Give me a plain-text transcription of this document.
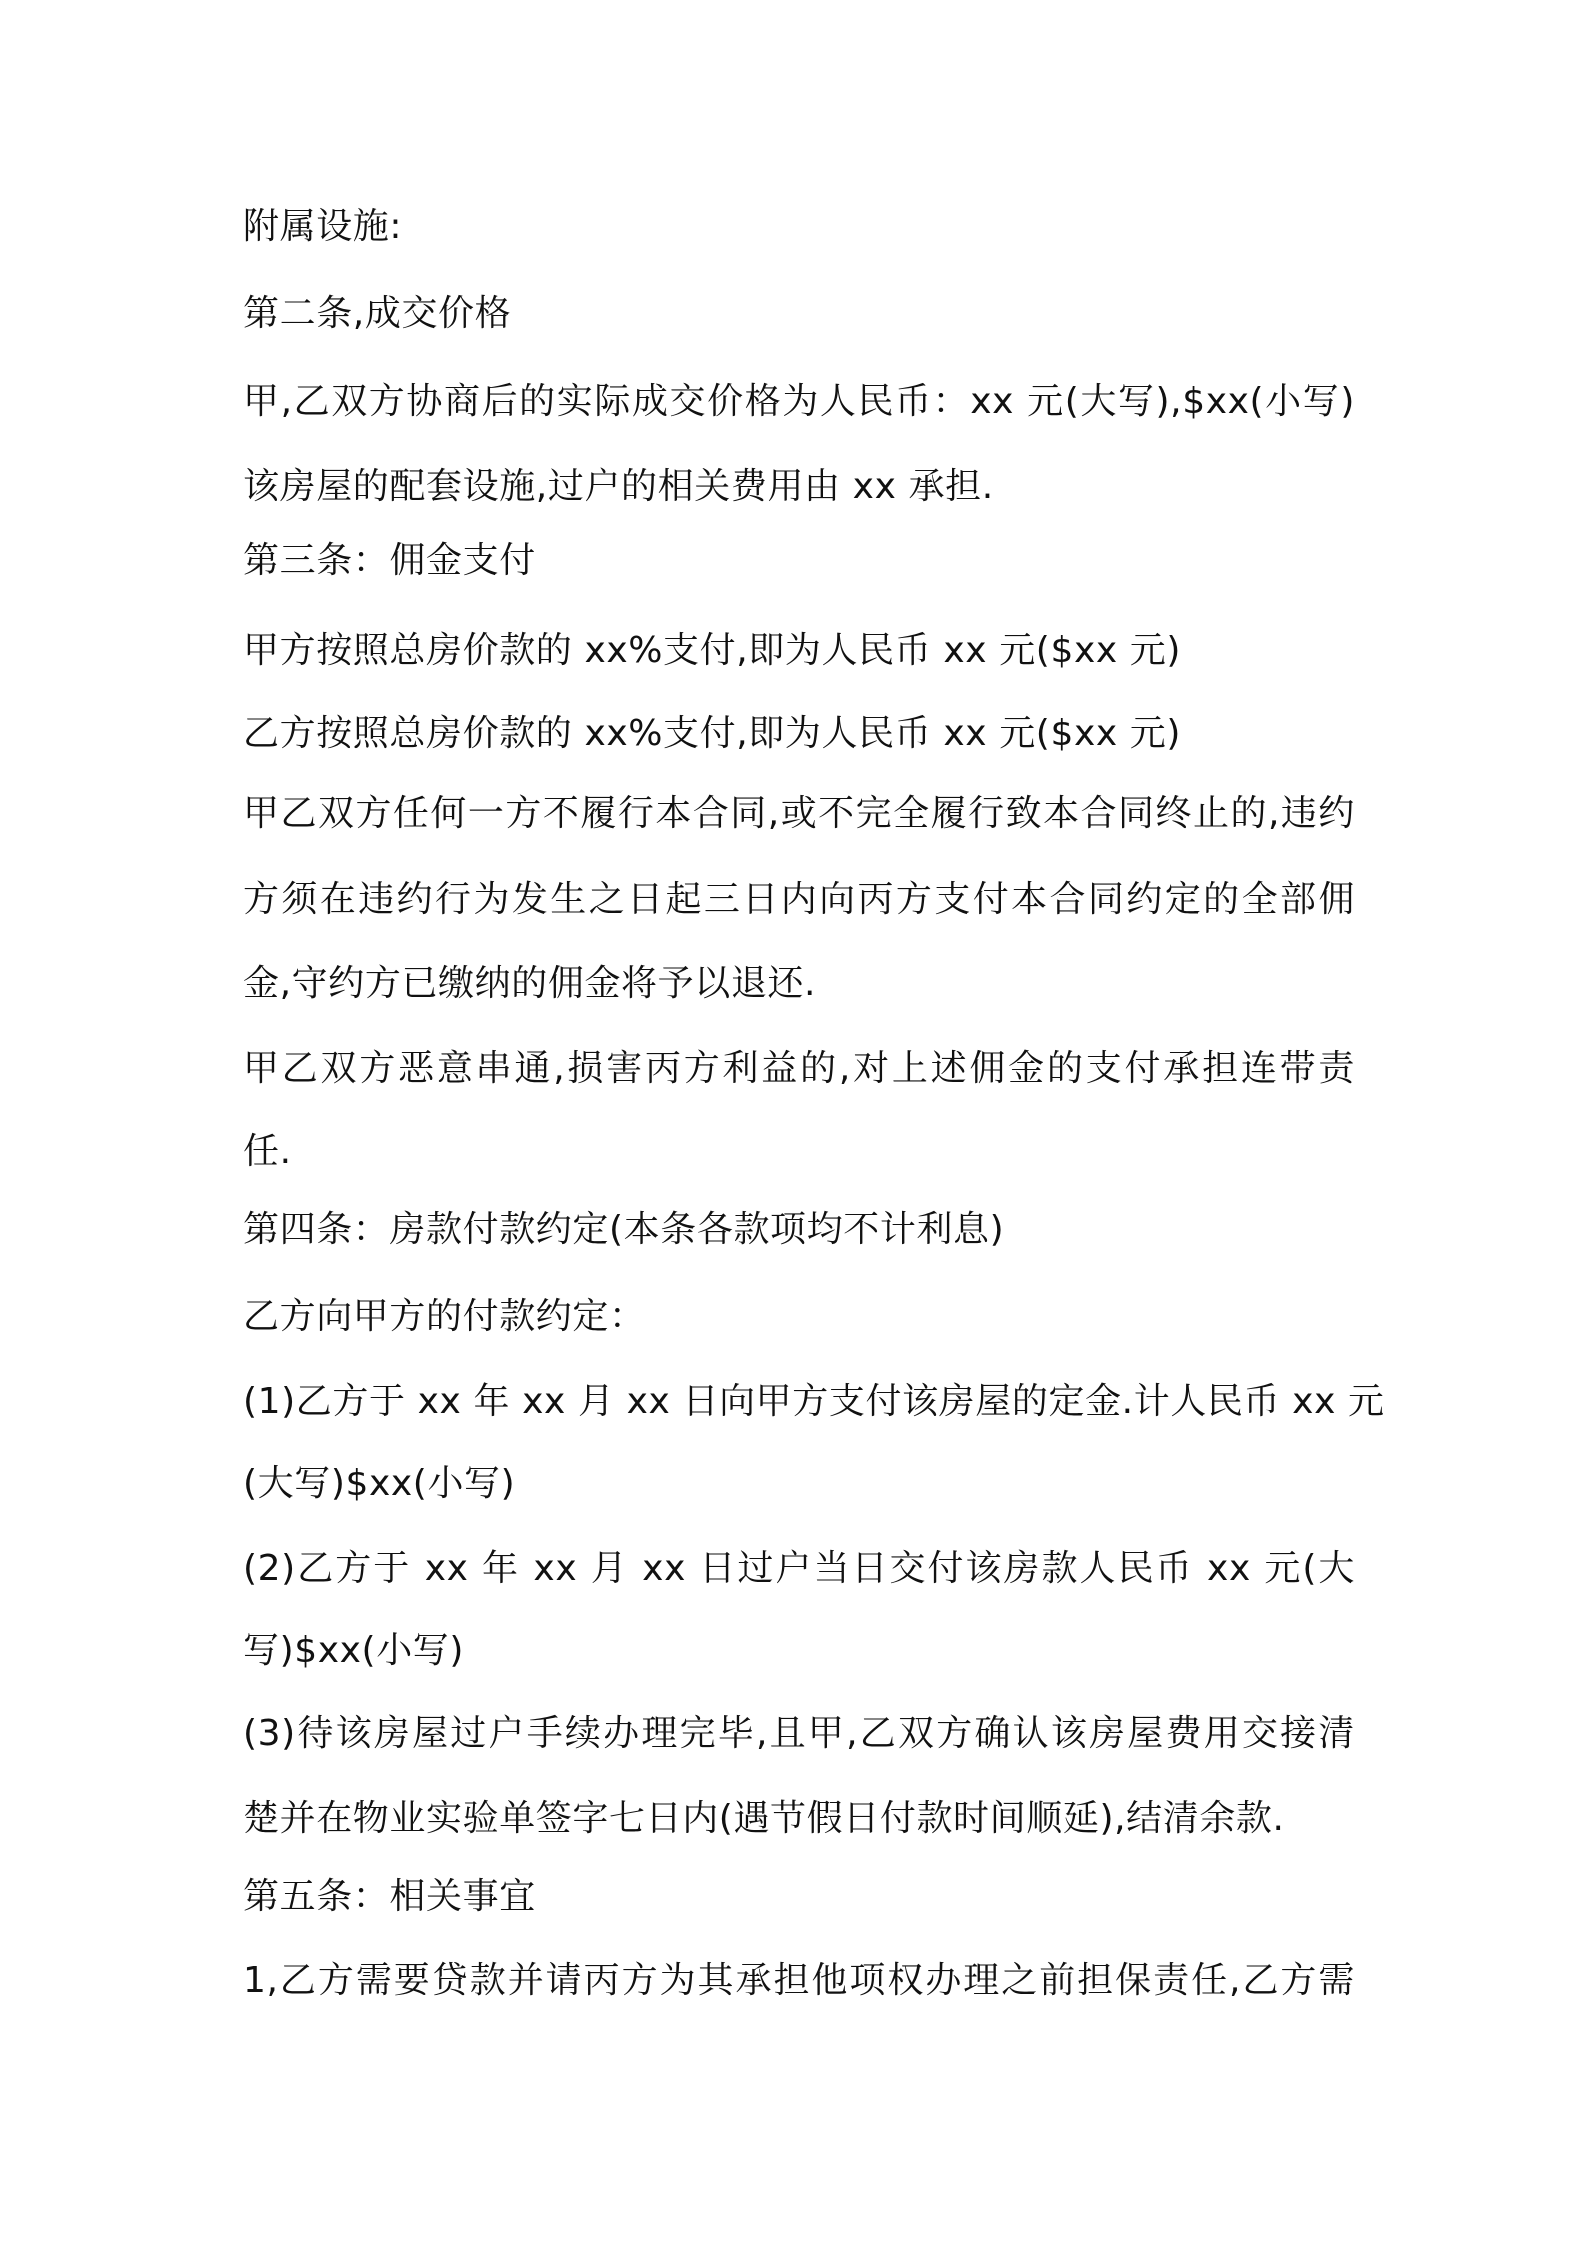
附属设施:
第二条,成交价格
甲,乙双方协商后的实际成交价格为人民币：xx 元(大写),$xx(小写)
该房屋的配套设施,过户的相关费用由 xx 承担.
第三条：佣金支付
甲方按照总房价款的 xx%支付,即为人民币 xx 元($xx 元)
乙方按照总房价款的 xx%支付,即为人民币 xx 元($xx 元)
甲乙双方任何一方不履行本合同,或不完全履行致本合同终止的,违约
方须在违约行为发生之日起三日内向丙方支付本合同约定的全部佣
金,守约方已缴纳的佣金将予以退还.
甲乙双方恶意串通,损害丙方利益的,对上述佣金的支付承担连带责
任.
第四条：房款付款约定(本条各款项均不计利息)
乙方向甲方的付款约定：
(1)乙方于 xx 年 xx 月 xx 日向甲方支付该房屋的定金.计人民币 xx 元
(大写)$xx(小写)
(2)乙方于 xx 年 xx 月 xx 日过户当日交付该房款人民币 xx 元(大
写)$xx(小写)
(3)待该房屋过户手续办理完毕,且甲,乙双方确认该房屋费用交接清
楚并在物业实验单签字七日内(遇节假日付款时间顺延),结清余款.
第五条：相关事宜
1,乙方需要贷款并请丙方为其承担他项权办理之前担保责任,乙方需
